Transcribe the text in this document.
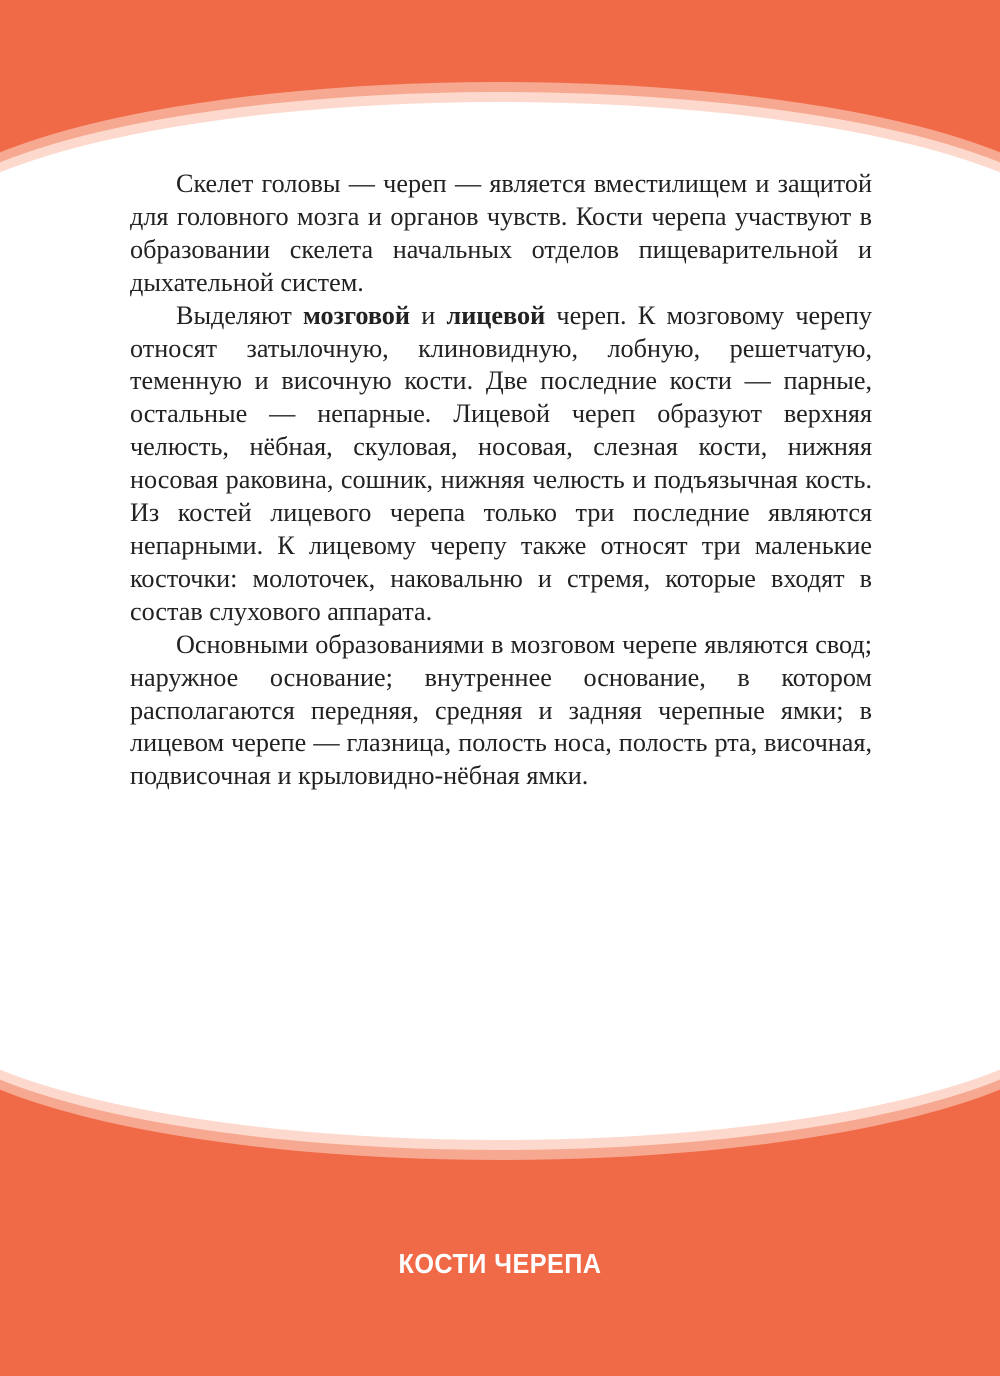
Скелет головы — череп — является вместилищем и защитой для головного мозга и органов чувств. Кости черепа участвуют в образовании скелета начальных отделов пищеварительной и дыхательной систем.

Выделяют мозговой и лицевой череп. К мозговому черепу относят затылочную, клиновидную, лобную, решетчатую, теменную и височную кости. Две последние кости — парные, остальные — непарные. Лицевой череп образуют верхняя челюсть, нёбная, скуловая, носовая, слезная кости, нижняя носовая раковина, сошник, нижняя челюсть и подъязычная кость. Из костей лицевого черепа только три последние являются непарными. К лицевому черепу также относят три маленькие косточки: молоточек, наковальню и стремя, которые входят в состав слухового аппарата.

Основными образованиями в мозговом черепе являются свод; наружное основание; внутреннее основание, в котором располагаются передняя, средняя и задняя черепные ямки; в лицевом черепе — глазница, полость носа, полость рта, височная, подвисочная и крыловидно-нёбная ямки.

КОСТИ ЧЕРЕПА
